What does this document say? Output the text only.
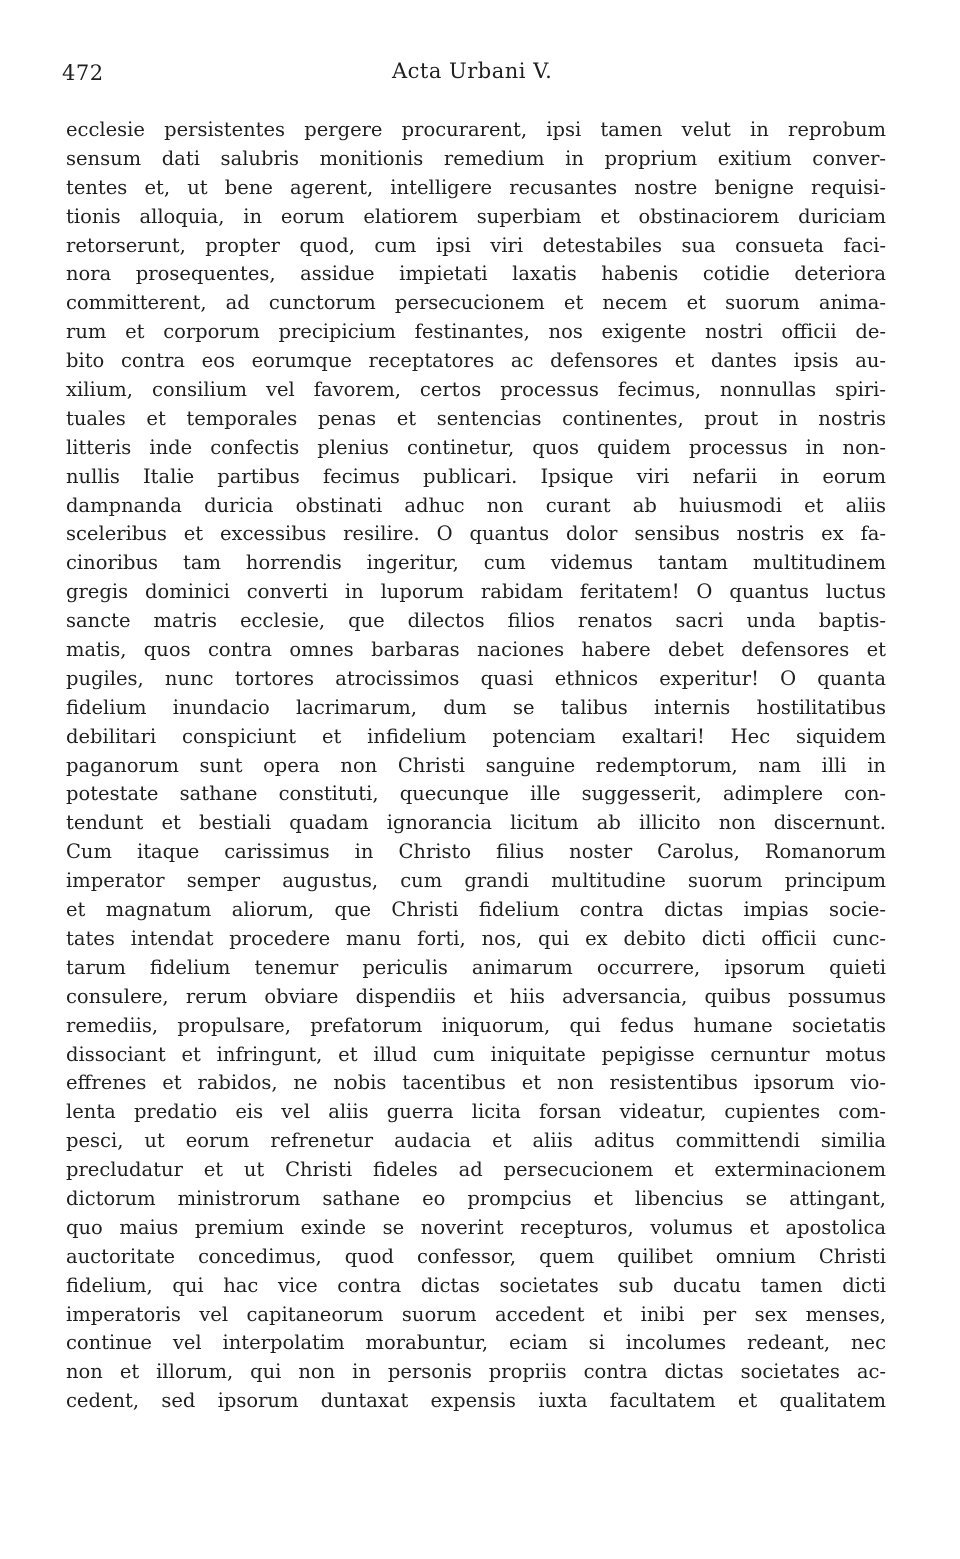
472	Acta Urbani V.
ecclesie persistentes pergere procurarent, ipsi tamen velut in reprobum
sensum dati salubris monitionis remedium in proprium exitium conver-
tentes et, ut bene agerent, intelligere recusantes nostre benigne requisi-
tionis alloquia, in eorum elatiorem superbiam et obstinaciorem duriciam
retorserunt, propter quod, cum ipsi viri detestabiles sua consueta faci-
nora prosequentes, assidue impietati laxatis habenis cotidie deteriora
committerent, ad cunctorum persecucionem et necem et suorum anima-
rum et corporum precipicium festinantes, nos exigente nostri officii de-
bito contra eos eorumque receptatores ac defensores et dantes ipsis au-
xilium, consilium vel favorem, certos processus fecimus, nonnullas spiri-
tuales et temporales penas et sentencias continentes, prout in nostris
litteris inde confectis plenius continetur, quos quidem processus in non-
nullis Italie partibus fecimus publicari. Ipsique viri nefarii in eorum
dampnanda duricia obstinati adhuc non curant ab huiusmodi et aliis
sceleribus et excessibus resilire. O quantus dolor sensibus nostris ex fa-
cinoribus tam horrendis ingeritur, cum videmus tantam multitudinem
gregis dominici converti in luporum rabidam feritatem! O quantus luctus
sancte matris ecclesie, que dilectos filios renatos sacri unda baptis-
matis, quos contra omnes barbaras naciones habere debet defensores et
pugiles, nunc tortores atrocissimos quasi ethnicos experitur! O quanta
fidelium inundacio lacrimarum, dum se talibus internis hostilitatibus
debilitari conspiciunt et infidelium potenciam exaltari! Hec siquidem
paganorum sunt opera non Christi sanguine redemptorum, nam illi in
potestate sathane constituti, quecunque ille suggesserit, adimplere con-
tendunt et bestiali quadam ignorancia licitum ab illicito non discernunt.
Cum itaque carissimus in Christo filius noster Carolus, Romanorum
imperator semper augustus, cum grandi multitudine suorum principum
et magnatum aliorum, que Christi fidelium contra dictas impias socie-
tates intendat procedere manu forti, nos, qui ex debito dicti officii cunc-
tarum fidelium tenemur periculis animarum occurrere, ipsorum quieti
consulere, rerum obviare dispendiis et hiis adversancia, quibus possumus
remediis, propulsare, prefatorum iniquorum, qui fedus humane societatis
dissociant et infringunt, et illud cum iniquitate pepigisse cernuntur motus
effrenes et rabidos, ne nobis tacentibus et non resistentibus ipsorum vio-
lenta predatio eis vel aliis guerra licita forsan videatur, cupientes com-
pesci, ut eorum refrenetur audacia et aliis aditus committendi similia
precludatur et ut Christi fideles ad persecucionem et exterminacionem
dictorum ministrorum sathane eo prompcius et libencius se attingant,
quo maius premium exinde se noverint recepturos, volumus et apostolica
auctoritate concedimus, quod confessor, quem quilibet omnium Christi
fidelium, qui hac vice contra dictas societates sub ducatu tamen dicti
imperatoris vel capitaneorum suorum accedent et inibi per sex menses,
continue vel interpolatim morabuntur, eciam si incolumes redeant, nec
non et illorum, qui non in personis propriis contra dictas societates ac-
cedent, sed ipsorum duntaxat expensis iuxta facultatem et qualitatem
